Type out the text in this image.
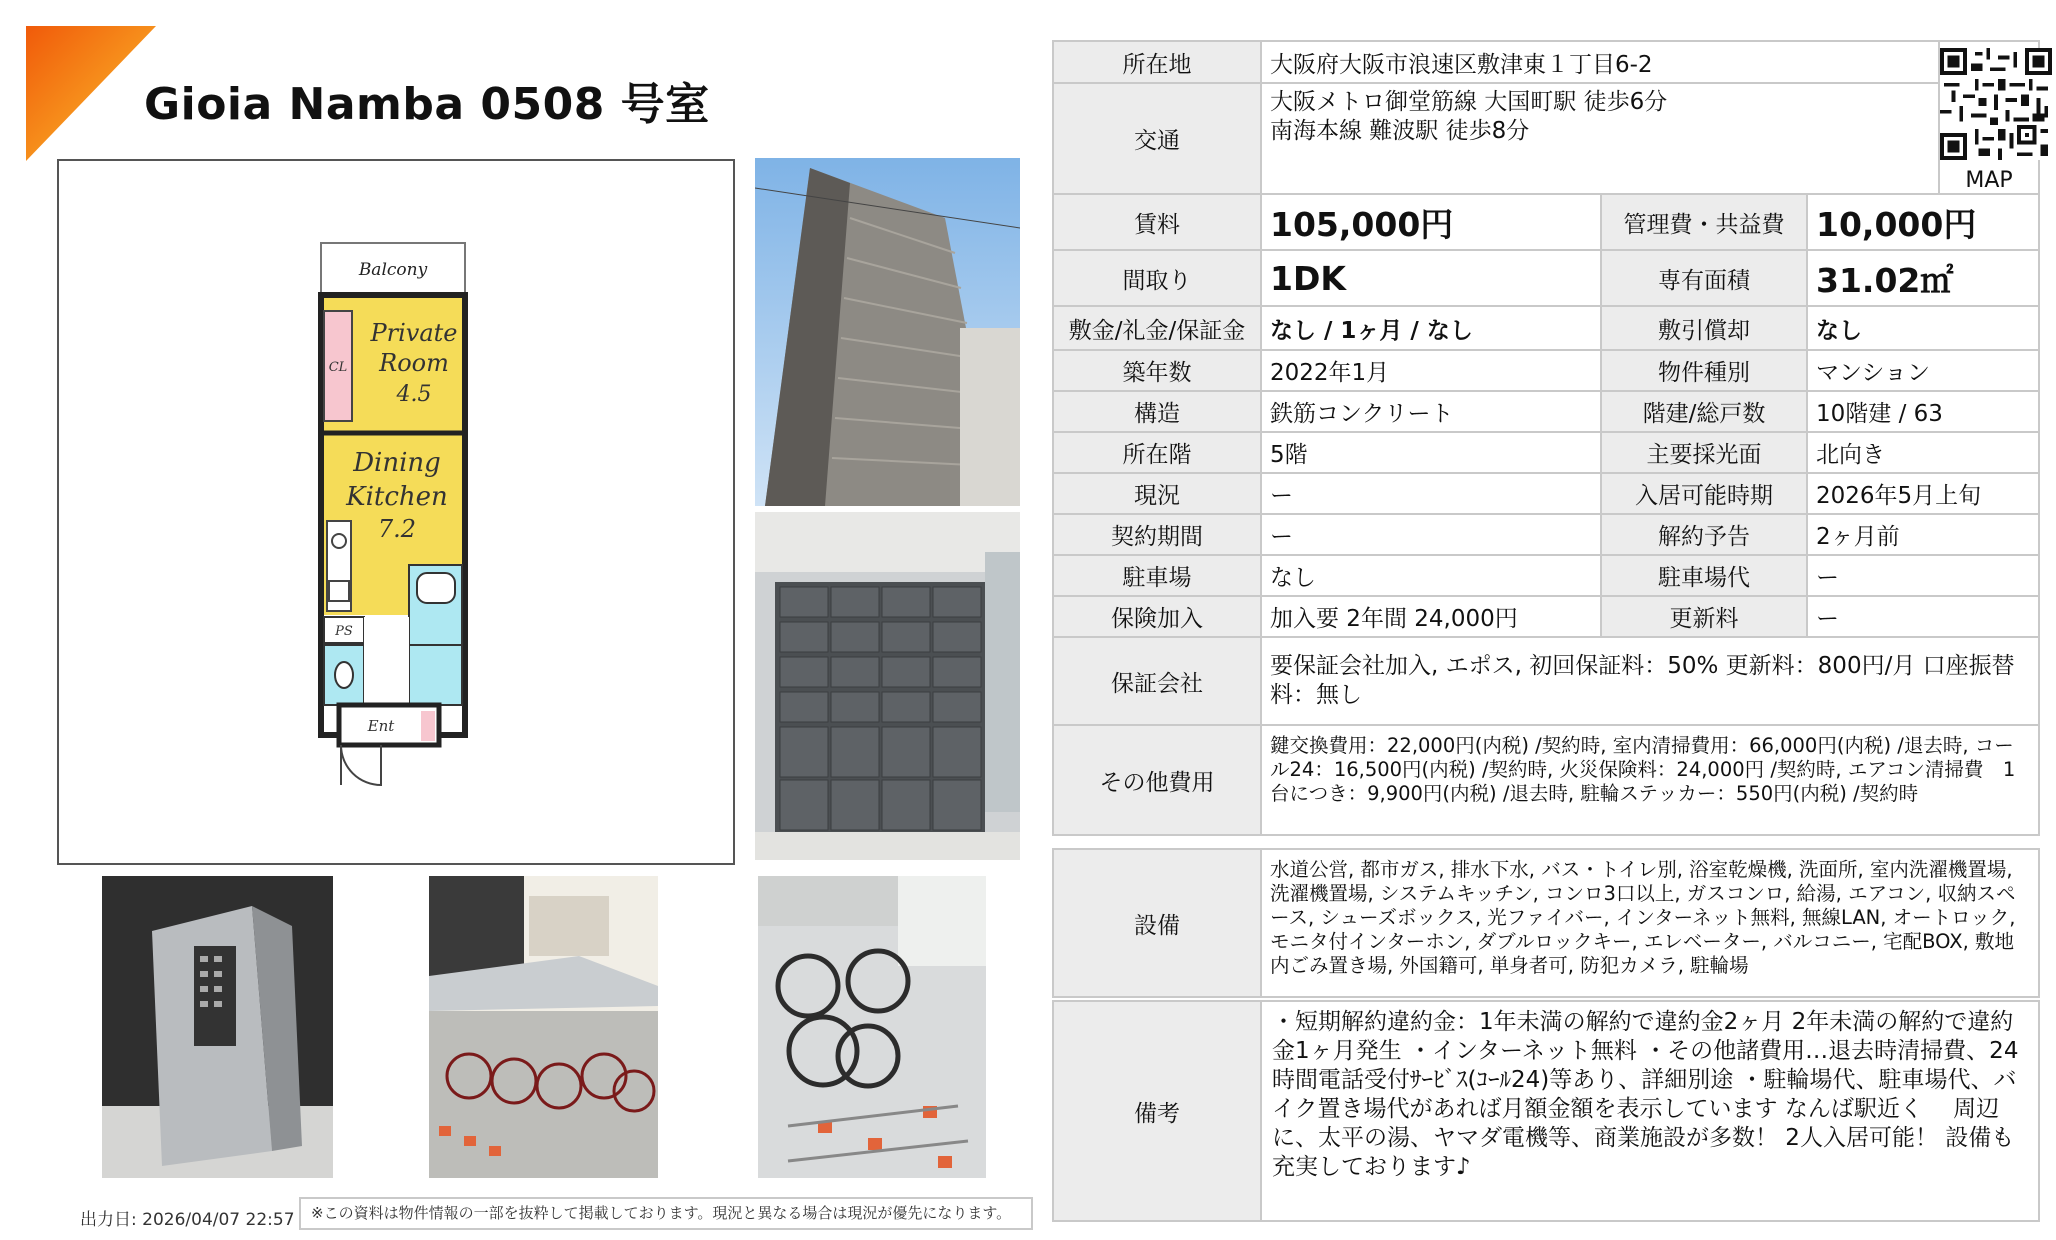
Gioia Namba 0508 号室
Balcony
Private
Room
4.5
CL
Dining
Kitchen
7.2
PS
Ent
所在地	大阪府大阪市浪速区敷津東１丁目6-2			MAP

交通	大阪メトロ御堂筋線 大国町駅 徒歩6分
南海本線 難波駅 徒歩8分			

賃料	105,000円	管理費・共益費	10,000円	
間取り	1DK	専有面積	31.02㎡	
敷金/礼金/保証金	なし / 1ヶ月 / なし	敷引償却	なし	
築年数	2022年1月	物件種別	マンション
構造	鉄筋コンクリート	階建/総戸数	10階建 / 63
所在階	5階	主要採光面	北向き
現況	ー	入居可能時期	2026年5月上旬
契約期間	ー	解約予告	2ヶ月前
駐車場	なし	駐車場代	ー
保険加入	加入要 2年間 24,000円	更新料	ー
保証会社	要保証会社加入, エポス, 初回保証料：50% 更新料：800円/月 口座振替料：無し		
その他費用	鍵交換費用：22,000円(内税) /契約時, 室内清掃費用：66,000円(内税) /退去時, コール24：16,500円(内税) /契約時, 火災保険料：24,000円 /契約時, エアコン清掃費　1台につき：9,900円(内税) /退去時, 駐輪ステッカー：550円(内税) /契約時		
設備	水道公営, 都市ガス, 排水下水, バス・トイレ別, 浴室乾燥機, 洗面所, 室内洗濯機置場, 洗濯機置場, システムキッチン, コンロ3口以上, ガスコンロ, 給湯, エアコン, 収納スペース, シューズボックス, 光ファイバー, インターネット無料, 無線LAN, オートロック, モニタ付インターホン, ダブルロックキー, エレベーター, バルコニー, 宅配BOX, 敷地内ごみ置き場, 外国籍可, 単身者可, 防犯カメラ, 駐輪場
備考	・短期解約違約金：1年未満の解約で違約金2ヶ月 2年未満の解約で違約金1ヶ月発生 ・インターネット無料 ・その他諸費用…退去時清掃費、24時間電話受付ｻｰﾋﾞｽ(ｺｰﾙ24)等あり、詳細別途 ・駐輪場代、駐車場代、バイク置き場代があれば月額金額を表示しています なんば駅近く　 周辺に、太平の湯、ヤマダ電機等、商業施設が多数！ 2人入居可能！ 設備も充実しております♪
出力日: 2026/04/07 22:57	※この資料は物件情報の一部を抜粋して掲載しております。現況と異なる場合は現況が優先になります。
